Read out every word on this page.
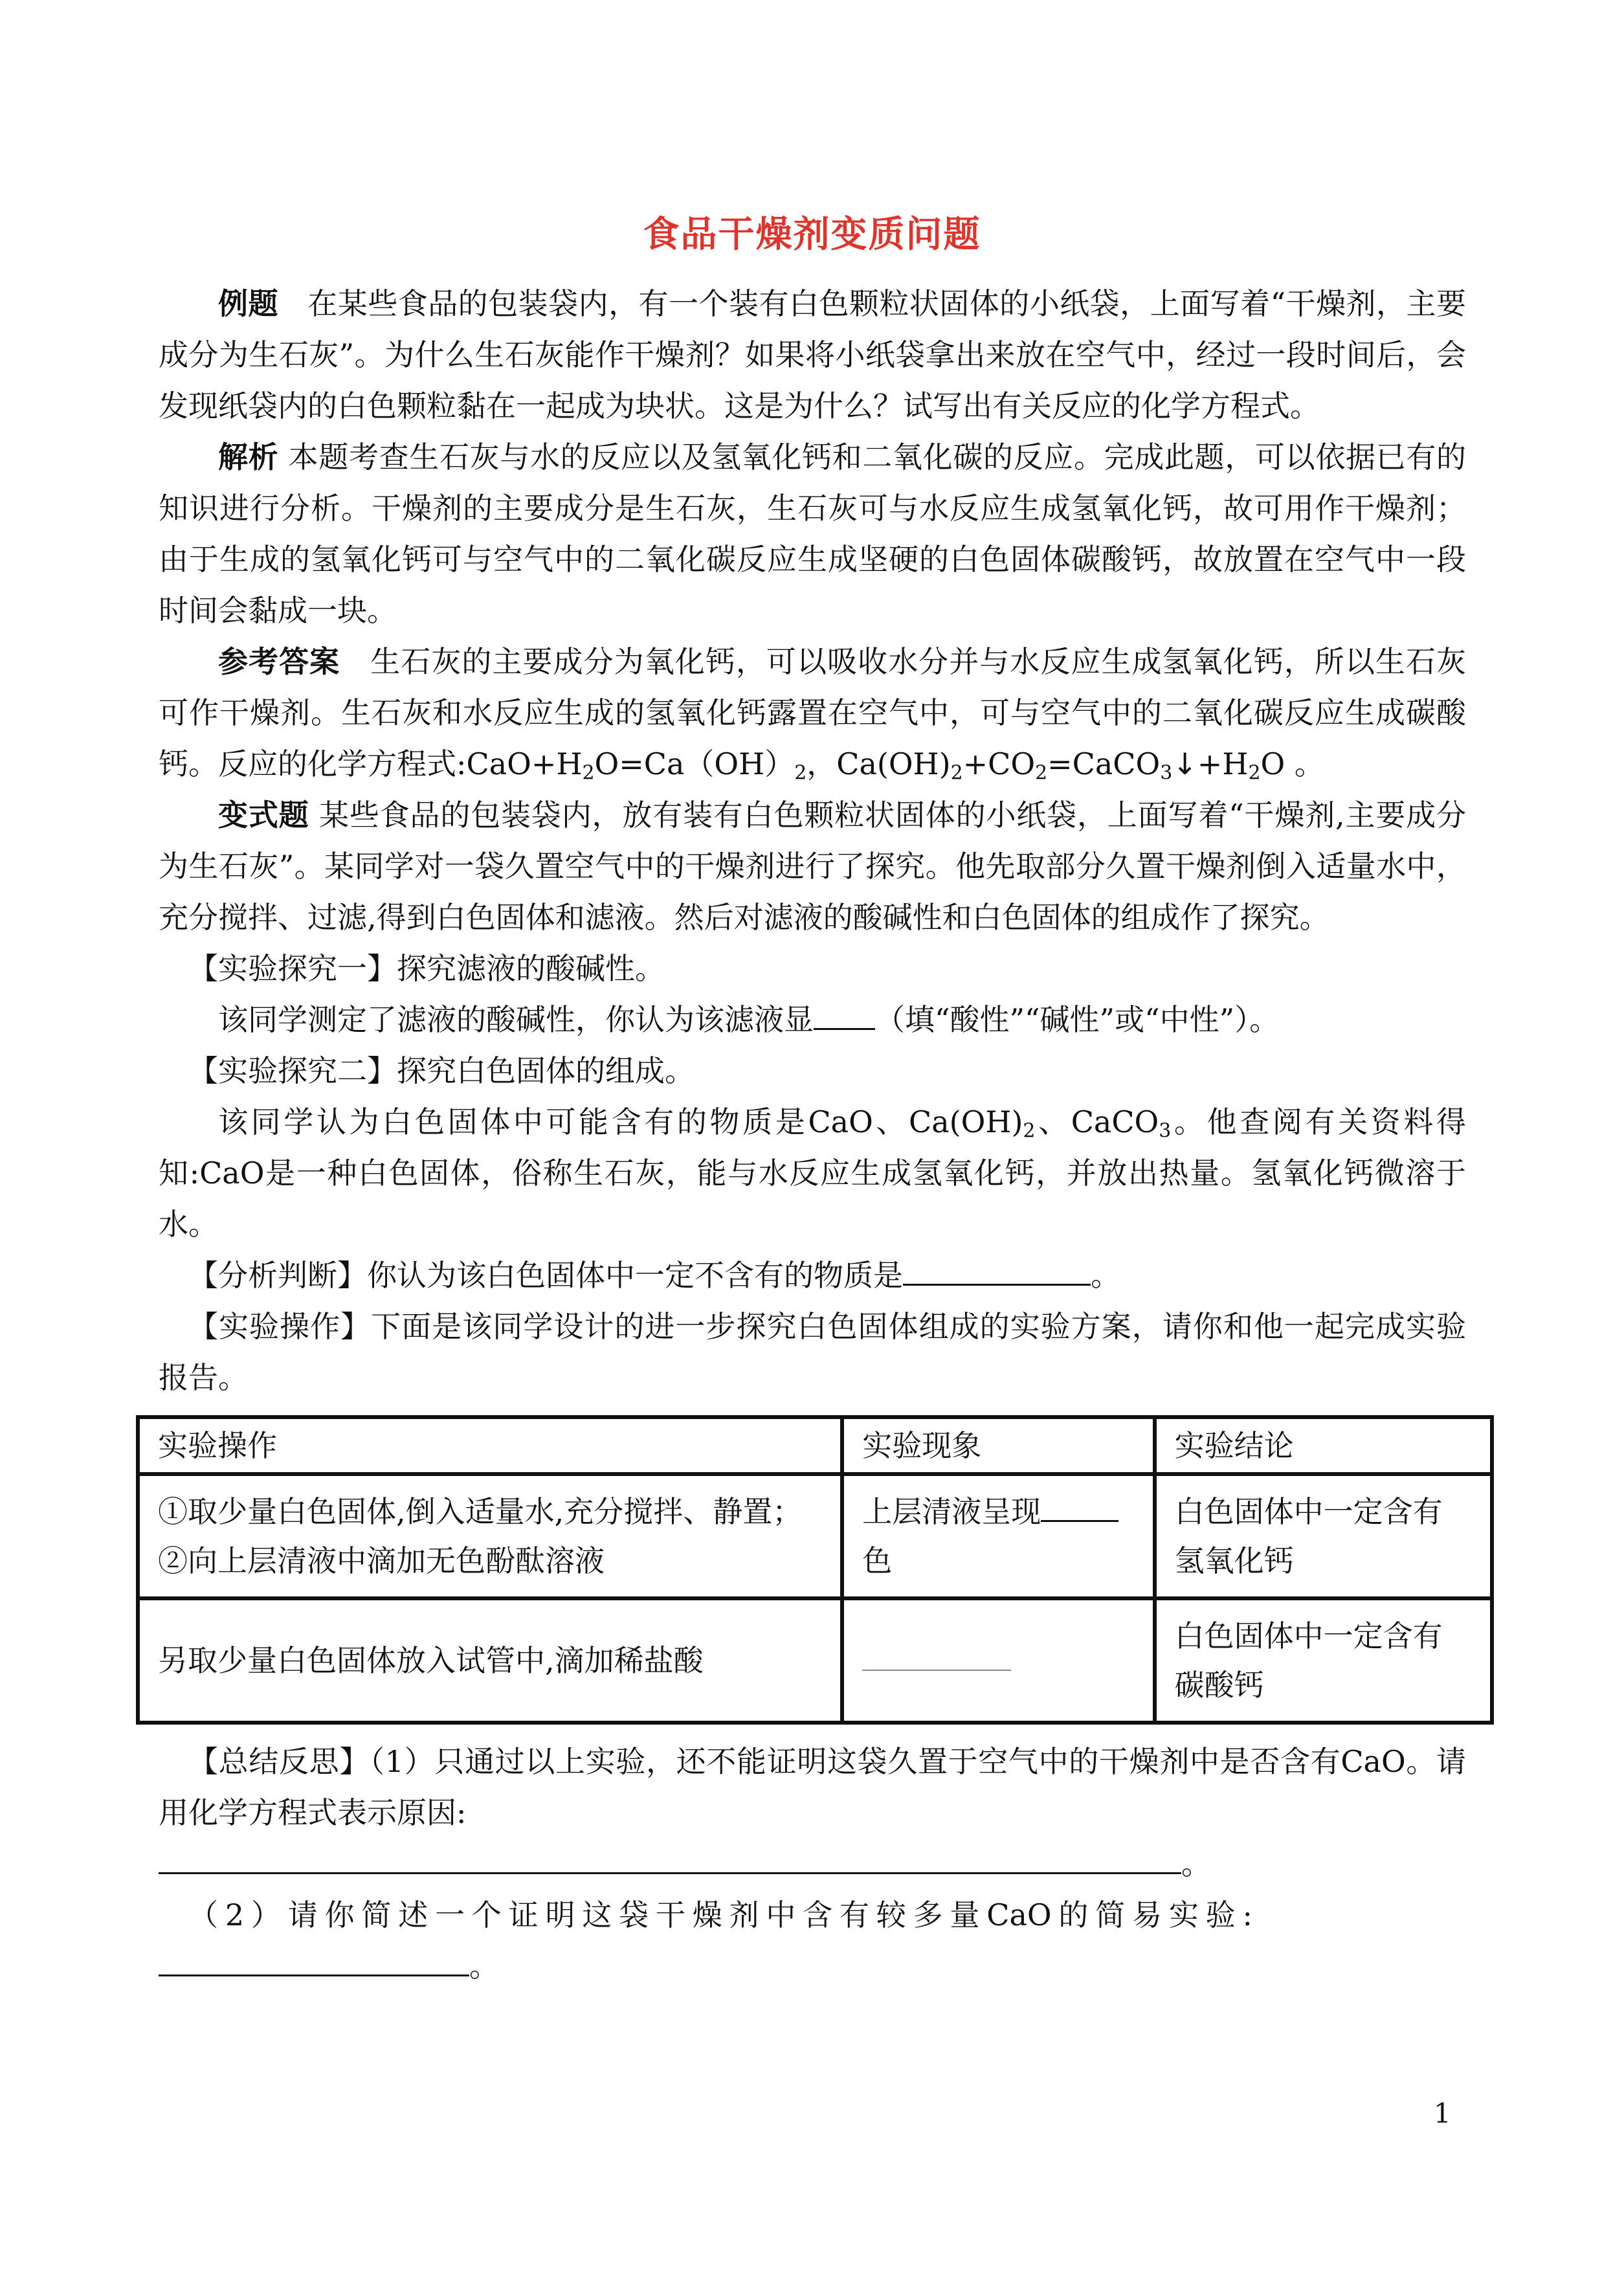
食品干燥剂变质问题

例题 在某些食品的包装袋内，有一个装有白色颗粒状固体的小纸袋，上面写着“干燥剂，主要成分为生石灰”。为什么生石灰能作干燥剂？如果将小纸袋拿出来放在空气中，经过一段时间后，会发现纸袋内的白色颗粒黏在一起成为块状。这是为什么？试写出有关反应的化学方程式。

解析 本题考查生石灰与水的反应以及氢氧化钙和二氧化碳的反应。完成此题，可以依据已有的知识进行分析。干燥剂的主要成分是生石灰，生石灰可与水反应生成氢氧化钙，故可用作干燥剂；由于生成的氢氧化钙可与空气中的二氧化碳反应生成坚硬的白色固体碳酸钙，故放置在空气中一段时间会黏成一块。

参考答案 生石灰的主要成分为氧化钙，可以吸收水分并与水反应生成氢氧化钙，所以生石灰可作干燥剂。生石灰和水反应生成的氢氧化钙露置在空气中，可与空气中的二氧化碳反应生成碳酸钙。反应的化学方程式$:CaO+H_2O=Ca(OH)_2$，$Ca(OH)_2+CO_2=CaCO_3↓+H_2O$ 。

变式题 某些食品的包装袋内，放有装有白色颗粒状固体的小纸袋，上面写着“干燥剂,主要成分为生石灰”。某同学对一袋久置空气中的干燥剂进行了探究。他先取部分久置干燥剂倒入适量水中，充分搅拌、过滤,得到白色固体和滤液。然后对滤液的酸碱性和白色固体的组成作了探究。

【实验探究一】探究滤液的酸碱性。

该同学测定了滤液的酸碱性，你认为该滤液显 （填“酸性”“碱性”或“中性”）。

【实验探究二】探究白色固体的组成。

该同学认为白色固体中可能含有的物质是CaO、$Ca(OH)_2$、CaCO$_3$。他查阅有关资料得知:CaO是一种白色固体，俗称生石灰，能与水反应生成氢氧化钙，并放出热量。氢氧化钙微溶于水。

【分析判断】你认为该白色固体中一定不含有的物质是	。

【实验操作】下面是该同学设计的进一步探究白色固体组成的实验方案，请你和他一起完成实验报告。

实验操作	实验现象	实验结论
①取少量白色固体,倒入适量水,充分搅拌、静置；②向上层清液中滴加无色酚酞溶液	上层清液呈现色	白色固体中一定含有氢氧化钙
另取少量白色固体放入试管中,滴加稀盐酸		白色固体中一定含有碳酸钙

【总结反思】（1）只通过以上实验，还不能证明这袋久置于空气中的干燥剂中是否含有CaO。请用化学方程式表示原因:

。

（2）请你简述一个证明这袋干燥剂中含有较多量CaO的简易实验:。

1
